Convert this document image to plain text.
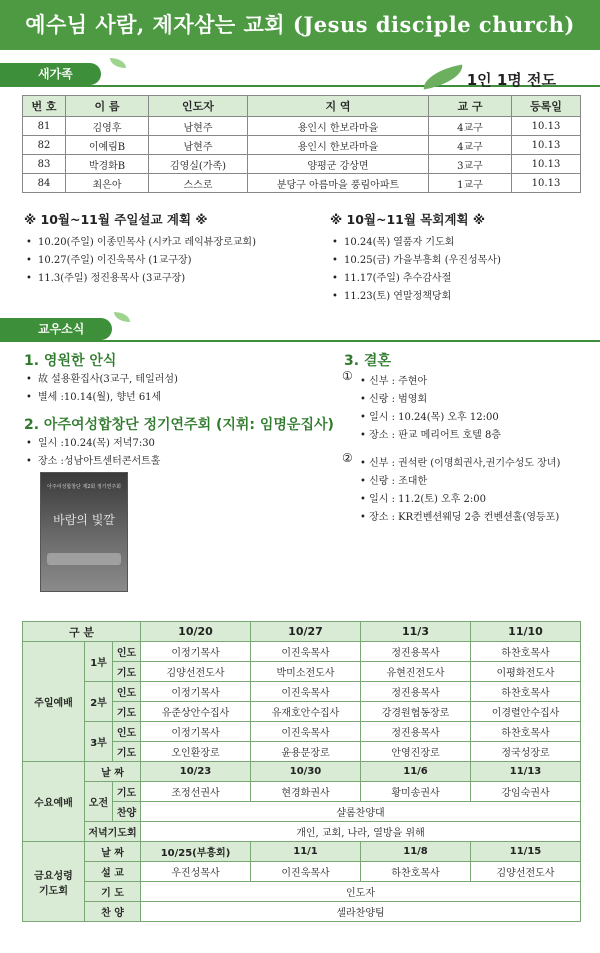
예수님 사람, 제자삼는 교회 (Jesus disciple church)
새가족	1인 1명 전도
번 호	이 름	인도자	지 역	교 구	등록일
81	김영후	남현주	용인시 한보라마을	4교구	10.13
82	이예림B	남현주	용인시 한보라마을	4교구	10.13
83	박경화B	김영실(가족)	양평군 강상면	3교구	10.13
84	최은아	스스로	분당구 아름마을 풍림아파트	1교구	10.13
※ 10월~11월 주일설교 계획 ※
• 10.20(주일) 이종민목사 (시카고 레익뷰장로교회)
• 10.27(주일) 이진욱목사 (1교구장)
• 11.3(주일) 정진용목사 (3교구장)
※ 10월~11월 목회계획 ※
• 10.24(목) 열품자 기도회
• 10.25(금) 가을부흥회 (우진성목사)
• 11.17(주일) 추수감사절
• 11.23(토) 연말정책당회
교우소식
1. 영원한 안식
• 故 설용환집사(3교구, 테일러섬)
• 별세 :10.14(월), 향년 61세
2. 아주여성합창단 정기연주회 (지휘: 임명운집사)
• 일시 :10.24(목) 저녁7:30
• 장소 :성남아트센터콘서트홀
아주여성합창단 제2회 정기연주회
바람의 빛깔
3. 결혼
① • 신부 : 주현아
• 신랑 : 범영회
• 일시 : 10.24(목) 오후 12:00
• 장소 : 판교 메리어트 호텔 8층
② • 신부 : 권석란 (이명희권사,권기수성도 장녀)
• 신랑 : 조대한
• 일시 : 11.2(토) 오후 2:00
• 장소 : KR컨벤션웨딩 2층 컨벤션홀(영등포)
구 분			10/20	10/27	11/3	11/10
주일예배	1부	인도	이정기목사	이진욱목사	정진용목사	하찬호목사
		기도	김양선전도사	박미소전도사	유현진전도사	이평화전도사
	2부	인도	이정기목사	이진욱목사	정진용목사	하찬호목사
		기도	유준상안수집사	유재호안수집사	강경원협동장로	이경렬안수집사
	3부	인도	이정기목사	이진욱목사	정진용목사	하찬호목사
		기도	오인환장로	윤용문장로	안영진장로	정국성장로
수요예배	날 짜		10/23	10/30	11/6	11/13
	오전	기도	조정선권사	현경화권사	황미송권사	강임숙권사
		찬양	샬롬찬양대			
	저녁기도회		개인, 교회, 나라, 열방을 위해			
금요성령
기도회	날 짜		10/25(부흥회)	11/1	11/8	11/15
	설 교		우진성목사	이진욱목사	하찬호목사	김양선전도사
	기 도		인도자			
	찬 양		셀라찬양팀			
